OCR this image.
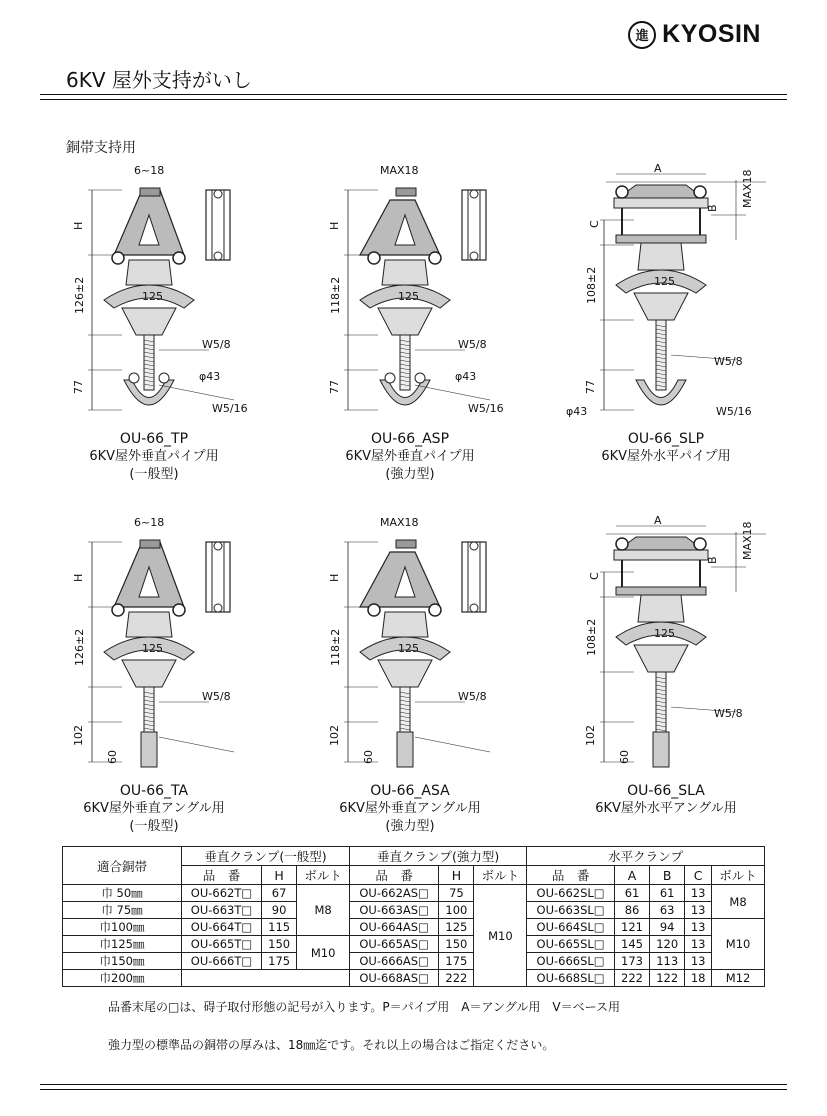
進 KYOSIN
6KV 屋外支持がいし
銅帯支持用
6~18
H
126±2	125
W5/8
77
φ43
W5/16
OU-66_TP
6KV屋外垂直パイプ用
(一般型)
MAX18
H
118±2	125
W5/8
77
φ43
W5/16
OU-66_ASP
6KV屋外垂直パイプ用
(強力型)
A
B
MAX18
C
108±2	125
W5/8
77
φ43	W5/16
OU-66_SLP
6KV屋外水平パイプ用
6~18
H
126±2	125
W5/8
102
60
OU-66_TA
6KV屋外垂直アングル用
(一般型)
MAX18
H
118±2	125
W5/8
102
60
OU-66_ASA
6KV屋外垂直アングル用
(強力型)
A
B
MAX18
C
108±2	125
W5/8
102
60
OU-66_SLA
6KV屋外水平アングル用
適合銅帯	垂直クランプ(一般型)			垂直クランプ(強力型)			水平クランプ				
	品　番	H	ボルト	品　番	H	ボルト	品　番	A	B	C	ボルト
巾 50㎜	OU-662T□	67	M8	OU-662AS□	75	M10	OU-662SL□	61	61	13	M8
巾 75㎜	OU-663T□	90		OU-663AS□	100		OU-663SL□	86	63	13	
巾100㎜	OU-664T□	115		OU-664AS□	125		OU-664SL□	121	94	13	M10
巾125㎜	OU-665T□	150	M10	OU-665AS□	150		OU-665SL□	145	120	13	
巾150㎜	OU-666T□	175		OU-666AS□	175		OU-666SL□	173	113	13	
巾200㎜				OU-668AS□	222		OU-668SL□	222	122	18	M12
品番末尾の□は、碍子取付形態の記号が入ります。P＝パイプ用　A＝アングル用　V＝ベース用
強力型の標準品の銅帯の厚みは、18㎜迄です。それ以上の場合はご指定ください。
